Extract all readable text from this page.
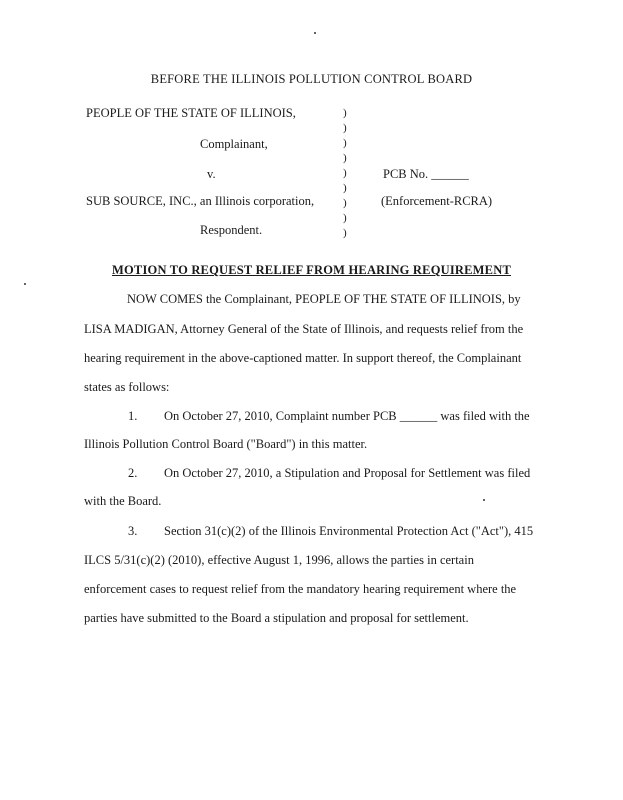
BEFORE THE ILLINOIS POLLUTION CONTROL BOARD
PEOPLE OF THE STATE OF ILLINOIS,
Complainant,
v.	PCB No. ______
SUB SOURCE, INC., an Illinois corporation,	(Enforcement-RCRA)
Respondent.
)
)
)
)
)
)
)
)
)
MOTION TO REQUEST RELIEF FROM HEARING REQUIREMENT
NOW COMES the Complainant, PEOPLE OF THE STATE OF ILLINOIS, by
LISA MADIGAN, Attorney General of the State of Illinois, and requests relief from the
hearing requirement in the above-captioned matter. In support thereof, the Complainant
states as follows:
1. On October 27, 2010, Complaint number PCB ______ was filed with the
Illinois Pollution Control Board ("Board") in this matter.
2. On October 27, 2010, a Stipulation and Proposal for Settlement was filed
with the Board.
3. Section 31(c)(2) of the Illinois Environmental Protection Act ("Act"), 415
ILCS 5/31(c)(2) (2010), effective August 1, 1996, allows the parties in certain
enforcement cases to request relief from the mandatory hearing requirement where the
parties have submitted to the Board a stipulation and proposal for settlement.
